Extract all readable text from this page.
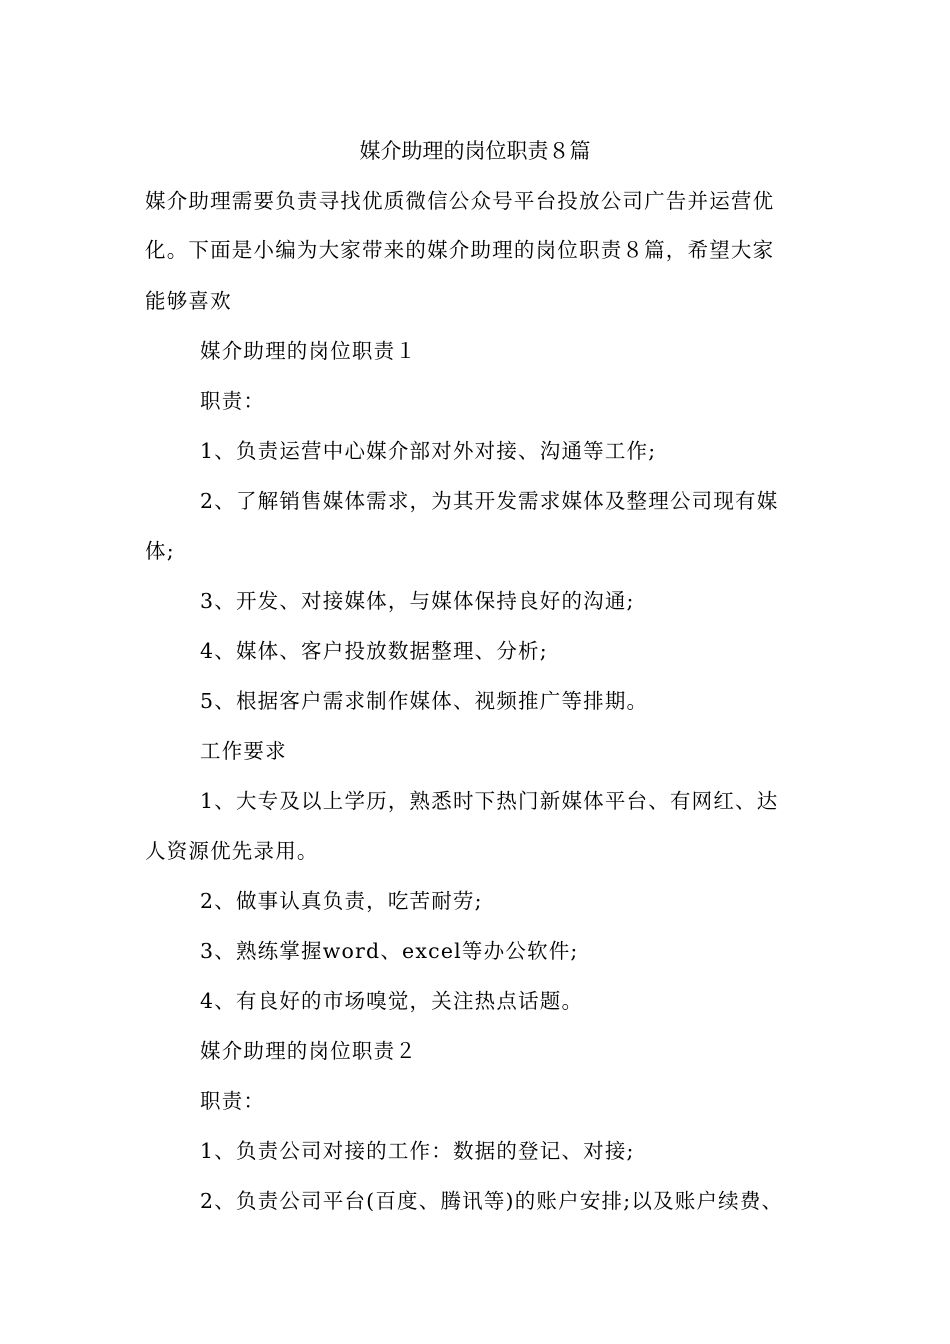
媒介助理的岗位职责８篇
媒介助理需要负责寻找优质微信公众号平台投放公司广告并运营优
化。下面是小编为大家带来的媒介助理的岗位职责８篇，希望大家
能够喜欢
媒介助理的岗位职责１
职责：
1、负责运营中心媒介部对外对接、沟通等工作;
2、了解销售媒体需求，为其开发需求媒体及整理公司现有媒
体;
3、开发、对接媒体，与媒体保持良好的沟通;
4、媒体、客户投放数据整理、分析;
5、根据客户需求制作媒体、视频推广等排期。
工作要求
1、大专及以上学历，熟悉时下热门新媒体平台、有网红、达
人资源优先录用。
2、做事认真负责，吃苦耐劳;
3、熟练掌握word、excel等办公软件;
4、有良好的市场嗅觉，关注热点话题。
媒介助理的岗位职责２
职责：
1、负责公司对接的工作：数据的登记、对接;
2、负责公司平台(百度、腾讯等)的账户安排;以及账户续费、
